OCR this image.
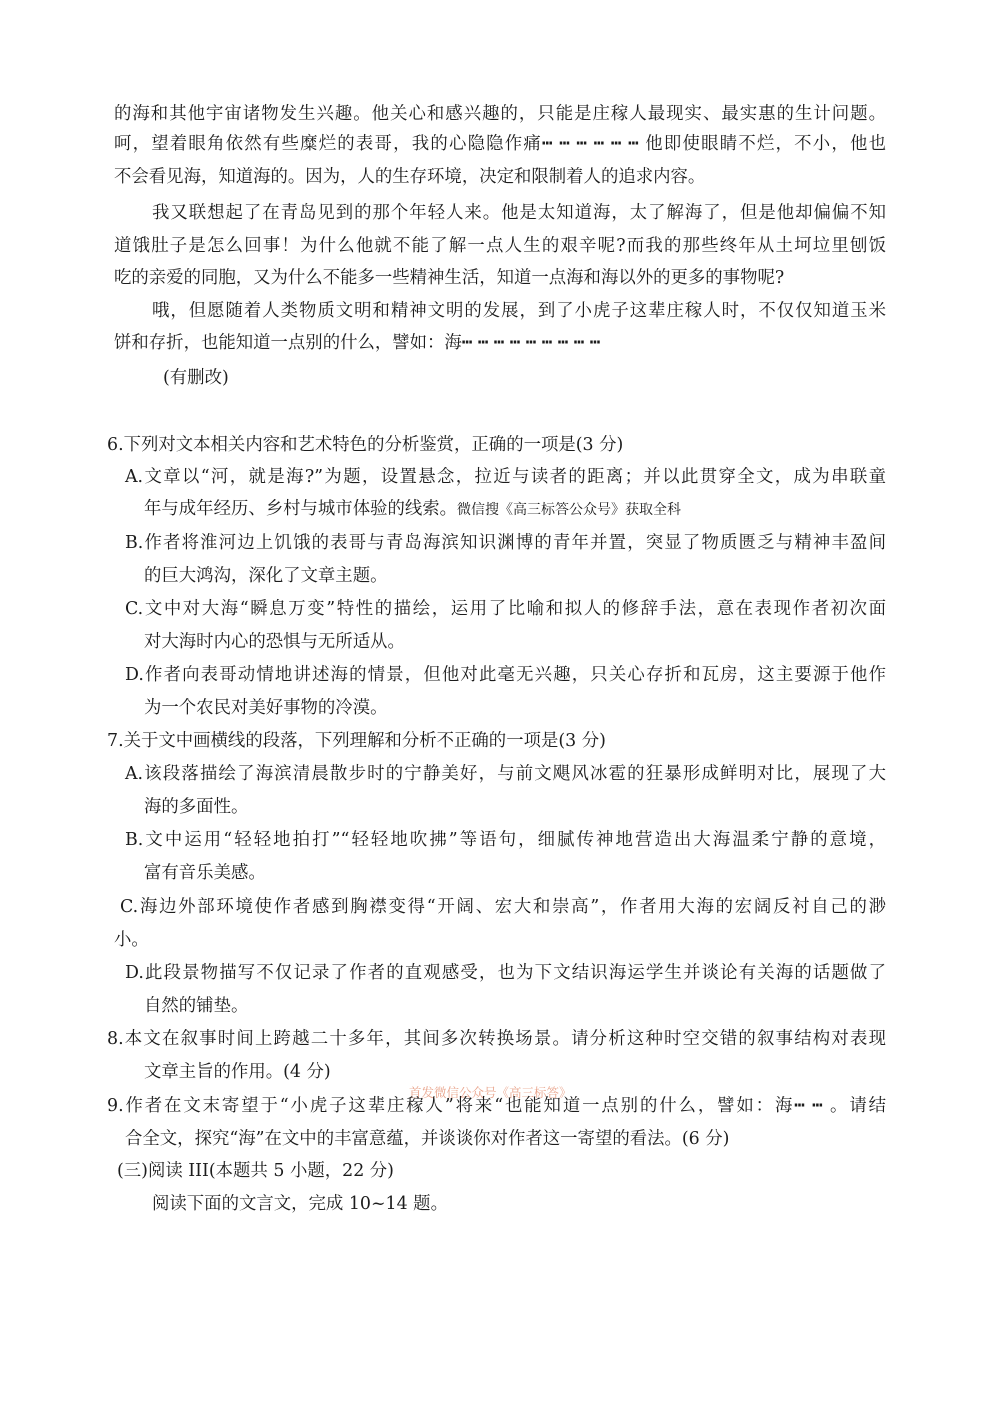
的海和其他宇宙诸物发生兴趣。他关心和感兴趣的，只能是庄稼人最现实、最实惠的生计问题。
呵，望着眼角依然有些糜烂的表哥，我的心隐隐作痛┅ ┅ ┅ ┅ ┅ ┅ 他即使眼睛不烂，不小，他也
不会看见海，知道海的。因为，人的生存环境，决定和限制着人的追求内容。
我又联想起了在青岛见到的那个年轻人来。他是太知道海，太了解海了，但是他却偏偏不知
道饿肚子是怎么回事！为什么他就不能了解一点人生的艰辛呢?而我的那些终年从土坷垃里刨饭
吃的亲爱的同胞，又为什么不能多一些精神生活，知道一点海和海以外的更多的事物呢?
哦，但愿随着人类物质文明和精神文明的发展，到了小虎子这辈庄稼人时，不仅仅知道玉米
饼和存折，也能知道一点别的什么，譬如：海┅ ┅ ┅ ┅ ┅ ┅ ┅ ┅ ┅
(有删改)
6.下列对文本相关内容和艺术特色的分析鉴赏，正确的一项是(3 分)
A.文章以“河，就是海?”为题，设置悬念，拉近与读者的距离；并以此贯穿全文，成为串联童
年与成年经历、乡村与城市体验的线索。微信搜《高三标答公众号》获取全科
B.作者将淮河边上饥饿的表哥与青岛海滨知识渊博的青年并置，突显了物质匮乏与精神丰盈间
的巨大鸿沟，深化了文章主题。
C.文中对大海“瞬息万变”特性的描绘，运用了比喻和拟人的修辞手法，意在表现作者初次面
对大海时内心的恐惧与无所适从。
D.作者向表哥动情地讲述海的情景，但他对此毫无兴趣，只关心存折和瓦房，这主要源于他作
为一个农民对美好事物的冷漠。
7.关于文中画横线的段落，下列理解和分析不正确的一项是(3 分)
A.该段落描绘了海滨清晨散步时的宁静美好，与前文飓风冰雹的狂暴形成鲜明对比，展现了大
海的多面性。
B.文中运用“轻轻地拍打”“轻轻地吹拂”等语句，细腻传神地营造出大海温柔宁静的意境，
富有音乐美感。
C.海边外部环境使作者感到胸襟变得“开阔、宏大和崇高”，作者用大海的宏阔反衬自己的渺
小。
D.此段景物描写不仅记录了作者的直观感受，也为下文结识海运学生并谈论有关海的话题做了
自然的铺垫。
8.本文在叙事时间上跨越二十多年，其间多次转换场景。请分析这种时空交错的叙事结构对表现
文章主旨的作用。(4 分)
首发微信公众号《高三标答》
9.作者在文末寄望于“小虎子这辈庄稼人”将来“也能知道一点别的什么，譬如：海┅ ┅ 。请结
合全文，探究“海”在文中的丰富意蕴，并谈谈你对作者这一寄望的看法。(6 分)
(三)阅读 III(本题共 5 小题，22 分)
阅读下面的文言文，完成 10~14 题。
